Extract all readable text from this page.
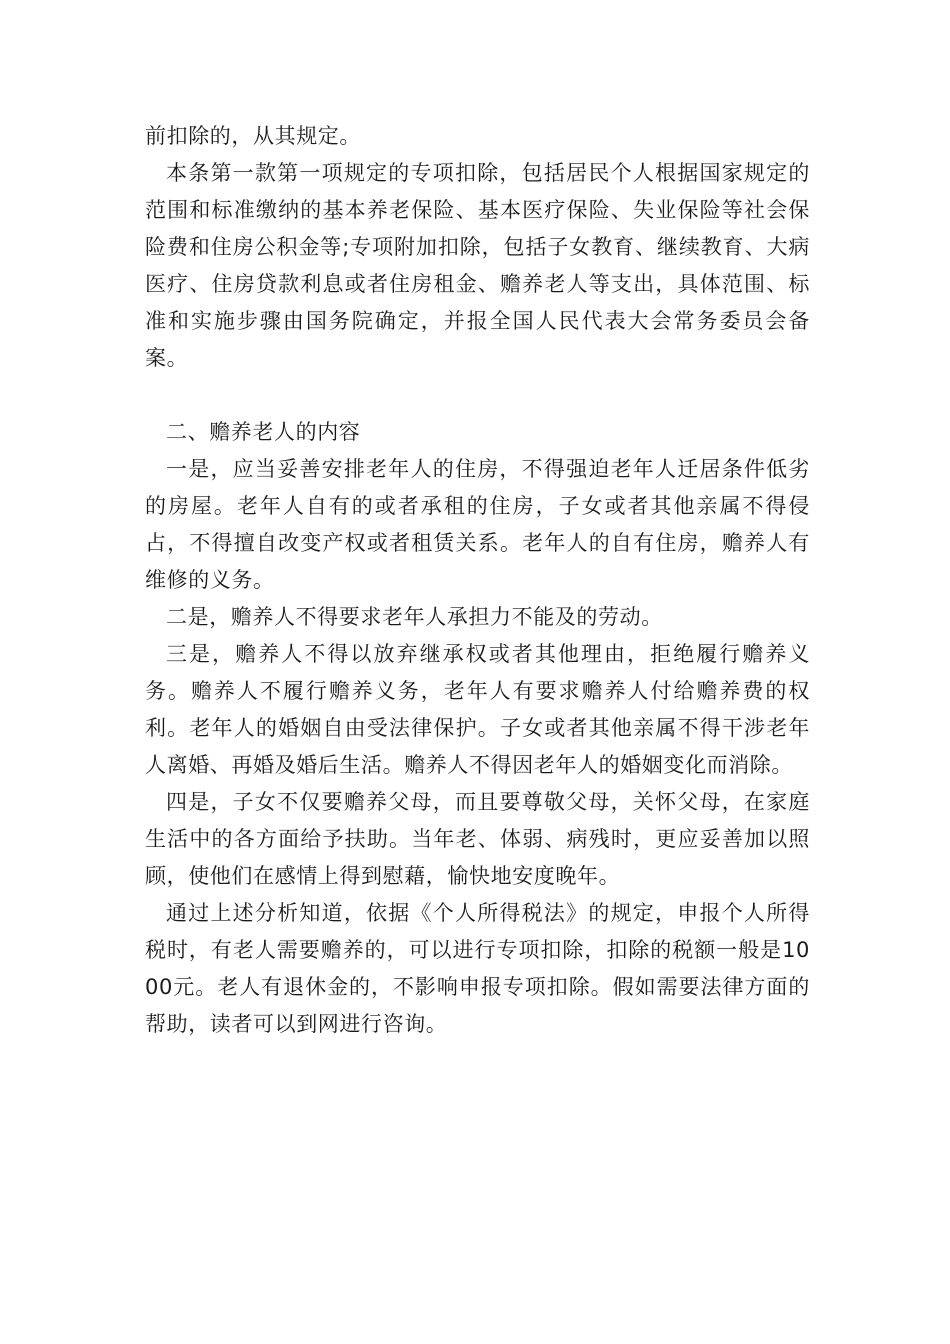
前扣除的，从其规定。

本条第一款第一项规定的专项扣除，包括居民个人根据国家规定的范围和标准缴纳的基本养老保险、基本医疗保险、失业保险等社会保险费和住房公积金等;专项附加扣除，包括子女教育、继续教育、大病医疗、住房贷款利息或者住房租金、赡养老人等支出，具体范围、标准和实施步骤由国务院确定，并报全国人民代表大会常务委员会备案。

二、赡养老人的内容

一是，应当妥善安排老年人的住房，不得强迫老年人迁居条件低劣的房屋。老年人自有的或者承租的住房，子女或者其他亲属不得侵占，不得擅自改变产权或者租赁关系。老年人的自有住房，赡养人有维修的义务。

二是，赡养人不得要求老年人承担力不能及的劳动。

三是，赡养人不得以放弃继承权或者其他理由，拒绝履行赡养义务。赡养人不履行赡养义务，老年人有要求赡养人付给赡养费的权利。老年人的婚姻自由受法律保护。子女或者其他亲属不得干涉老年人离婚、再婚及婚后生活。赡养人不得因老年人的婚姻变化而消除。

四是，子女不仅要赡养父母，而且要尊敬父母，关怀父母，在家庭生活中的各方面给予扶助。当年老、体弱、病残时，更应妥善加以照顾，使他们在感情上得到慰藉，愉快地安度晚年。

通过上述分析知道，依据《个人所得税法》的规定，申报个人所得税时，有老人需要赡养的，可以进行专项扣除，扣除的税额一般是1000元。老人有退休金的，不影响申报专项扣除。假如需要法律方面的帮助，读者可以到网进行咨询。
